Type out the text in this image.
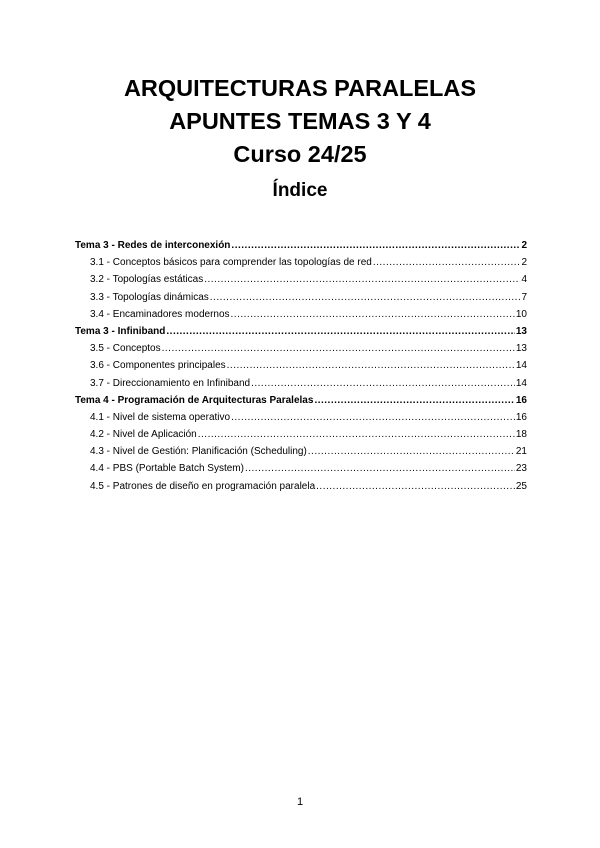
ARQUITECTURAS PARALELAS
APUNTES TEMAS 3 Y 4
Curso 24/25
Índice
Tema 3 - Redes de interconexión .....	2
3.1 - Conceptos básicos para comprender las topologías de red .....	2
3.2 - Topologías estáticas .....	4
3.3 - Topologías dinámicas .....	7
3.4 - Encaminadores modernos .....	10
Tema 3 - Infiniband .....	13
3.5 - Conceptos .....	13
3.6 - Componentes principales .....	14
3.7 - Direccionamiento en Infiniband .....	14
Tema 4 - Programación de Arquitecturas Paralelas .....	16
4.1 - Nivel de sistema operativo .....	16
4.2 - Nivel de Aplicación .....	18
4.3 - Nivel de Gestión: Planificación (Scheduling) .....	21
4.4 - PBS (Portable Batch System) .....	23
4.5 - Patrones de diseño en programación paralela .....	25
1
